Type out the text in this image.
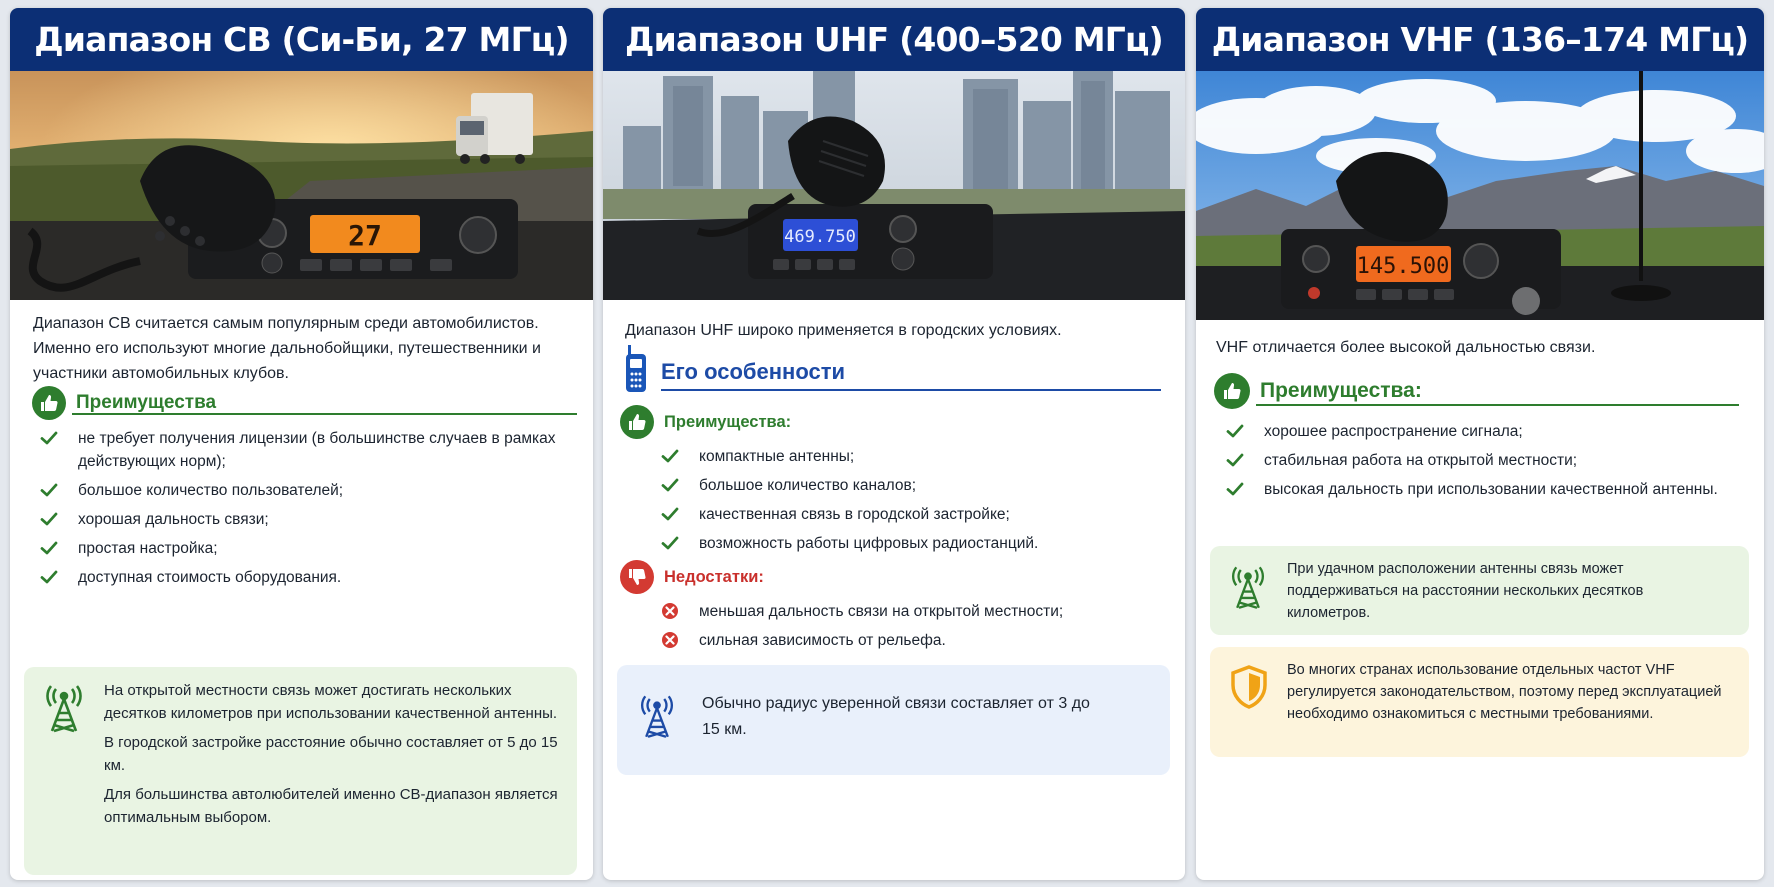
Диапазон CB (Си-Би, 27 МГц)
27

Диапазон CB считается самым популярным среди автомобилистов. Именно его используют многие дальнобойщики, путешественники и участники автомобильных клубов.

Преимущества
не требует получения лицензии (в большинстве случаев в рамках действующих норм);
большое количество пользователей;
хорошая дальность связи;
простая настройка;
доступная стоимость оборудования.

На открытой местности связь может достигать нескольких десятков километров при использовании качественной антенны.

В городской застройке расстояние обычно составляет от 5 до 15 км.

Для большинства автолюбителей именно CB-диапазон является оптимальным выбором.

Диапазон UHF (400–520 МГц)
469.750

Диапазон UHF широко применяется в городских условиях.

Его особенности
Преимущества:
компактные антенны;
большое количество каналов;
качественная связь в городской застройке;
возможность работы цифровых радиостанций.
Недостатки:
меньшая дальность связи на открытой местности;
сильная зависимость от рельефа.

Обычно радиус уверенной связи составляет от 3 до 15 км.

Диапазон VHF (136–174 МГц)
145.500

VHF отличается более высокой дальностью связи.

Преимущества:
хорошее распространение сигнала;
стабильная работа на открытой местности;
высокая дальность при использовании качественной антенны.

При удачном расположении антенны связь может поддерживаться на расстоянии нескольких десятков километров.

Во многих странах использование отдельных частот VHF регулируется законодательством, поэтому перед эксплуатацией необходимо ознакомиться с местными требованиями.
